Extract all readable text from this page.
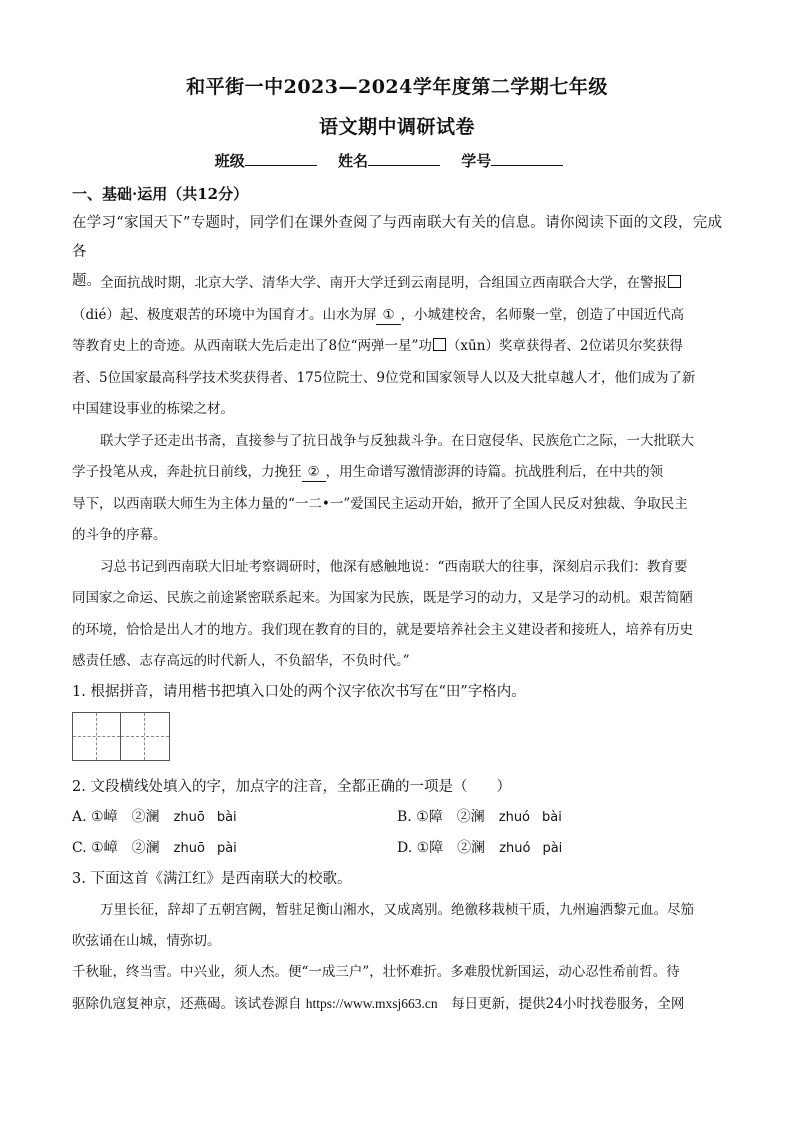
和平街一中2023—2024学年度第二学期七年级
语文期中调研试卷
班级	姓名	学号
一、基础·运用（共12分）
在学习“家国天下”专题时，同学们在课外查阅了与西南联大有关的信息。请你阅读下面的文段，完成各
题。 全面抗战时期，北京大学、清华大学、南开大学迁到云南昆明，合组国立西南联合大学，在警报
（dié）起、极度艰苦的环境中为国育才。山水为屏 ① ，小城建校舍，名师聚一堂，创造了中国近代高
等教育史上的奇迹。从西南联大先后走出了8位“两弹一星”功 （xūn）奖章获得者、2位诺贝尔奖获得
者、5位国家最高科学技术奖获得者、175位院士、9位党和国家领导人以及大批卓越人才，他们成为了新
中国建设事业的栋梁之材。
联大学子还走出书斋，直接参与了抗日战争与反独裁斗争。在日寇侵华、民族危亡之际，一大批联大
学子投笔从戎，奔赴抗日前线，力挽狂 ② ，用生命谱写激情澎湃的诗篇。抗战胜利后，在中共的领
导下，以西南联大师生为主体力量的“一二•一”爱国民主运动开始，掀开了全国人民反对独裁、争取民主
的斗争的序幕。
习总书记到西南联大旧址考察调研时，他深有感触地说：“西南联大的往事，深刻启示我们：教育要
同国家之命运、民族之前途紧密联系起来。为国家为民族，既是学习的动力，又是学习的动机。艰苦简陋
的环境，恰恰是出人才的地方。我们现在教育的目的，就是要培养社会主义建设者和接班人，培养有历史
感责任感、志存高远的时代新人，不负韶华，不负时代。”
1. 根据拼音，请用楷书把填入口处的两个汉字依次书写在“田”字格内。
2. 文段横线处填入的字，加点字的注音，全都正确的一项是（　　）
A. ①嶂　②澜 zhuō bài	B. ①障　②澜 zhuó bài
C. ①嶂　②澜 zhuō pài	D. ①障　②澜 zhuó pài
3. 下面这首《满江红》是西南联大的校歌。
万里长征，辞却了五朝宫阙，暂驻足衡山湘水，又成离别。绝徼移栽桢干质，九州遍洒黎元血。尽笳
吹弦诵在山城，情弥切。
千秋耻，终当雪。中兴业，须人杰。便“一成三户”，壮怀难折。多难殷忧新国运，动心忍性希前哲。待
驱除仇寇复神京，还燕碣。该试卷源自 https://www.mxsj663.cn　 每日更新，提供24小时找卷服务，全网
